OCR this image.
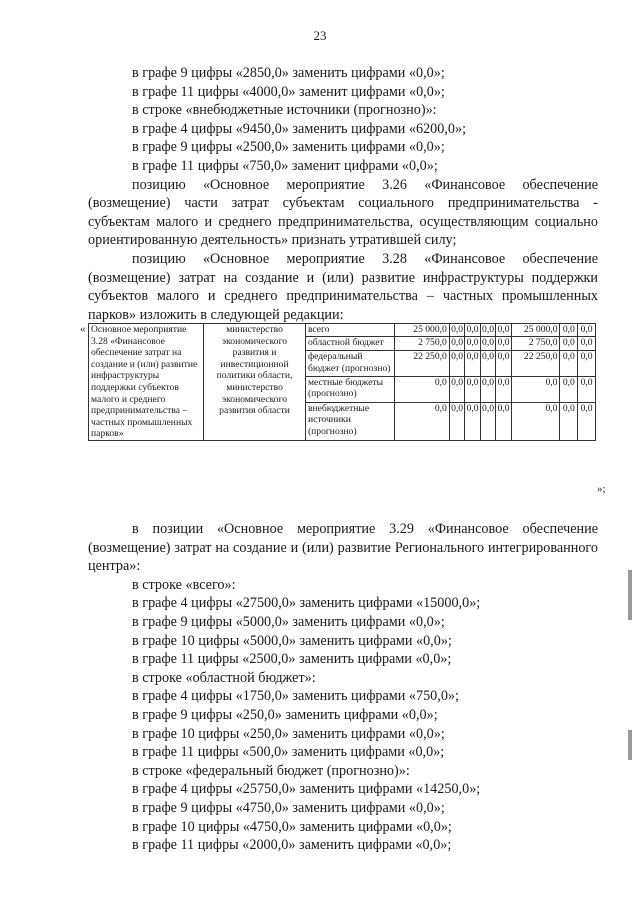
23

в графе 9 цифры «2850,0» заменить цифрами «0,0»;

в графе 11 цифры «4000,0» заменит цифрами «0,0»;

в строке «внебюджетные источники (прогнозно)»:

в графе 4 цифры «9450,0» заменить цифрами «6200,0»;

в графе 9 цифры «2500,0» заменить цифрами «0,0»;

в графе 11 цифры «750,0» заменит цифрами «0,0»;

позицию «Основное мероприятие 3.26 «Финансовое обеспечение (возмещение) части затрат субъектам социального предпринимательства - субъектам малого и среднего предпринимательства, осуществляющим социально ориентированную деятельность» признать утратившей силу;

позицию «Основное мероприятие 3.28 «Финансовое обеспечение (возмещение) затрат на создание и (или) развитие инфраструктуры поддержки субъектов малого и среднего предпринимательства – частных промышленных парков» изложить в следующей редакции:

« Основное мероприятие 3.28 «Финансовое обеспечение затрат на создание и (или) развитие инфраструктуры поддержки субъектов малого и среднего предпринимательства – частных промышленных парков»	министерство экономического развития и инвестиционной политики области, министерство экономического развития области	всего	25 000,0	0,0	0,0	0,0	0,0	25 000,0	0,0	0,0
		областной бюджет	2 750,0	0,0	0,0	0,0	0,0	2 750,0	0,0	0,0
		федеральный бюджет (прогнозно)	22 250,0	0,0	0,0	0,0	0,0	22 250,0	0,0	0,0
		местные бюджеты (прогнозно)	0,0	0,0	0,0	0,0	0,0	0,0	0,0	0,0
		внебюджетные источники (прогнозно)	0,0	0,0	0,0	0,0	0,0	0,0	0,0	0,0
»;

в позиции «Основное мероприятие 3.29 «Финансовое обеспечение (возмещение) затрат на создание и (или) развитие Регионального интегрированного центра»:

в строке «всего»:

в графе 4 цифры «27500,0» заменить цифрами «15000,0»;

в графе 9 цифры «5000,0» заменить цифрами «0,0»;

в графе 10 цифры «5000,0» заменить цифрами «0,0»;

в графе 11 цифры «2500,0» заменить цифрами «0,0»;

в строке «областной бюджет»:

в графе 4 цифры «1750,0» заменить цифрами «750,0»;

в графе 9 цифры «250,0» заменить цифрами «0,0»;

в графе 10 цифры «250,0» заменить цифрами «0,0»;

в графе 11 цифры «500,0» заменить цифрами «0,0»;

в строке «федеральный бюджет (прогнозно)»:

в графе 4 цифры «25750,0» заменить цифрами «14250,0»;

в графе 9 цифры «4750,0» заменить цифрами «0,0»;

в графе 10 цифры «4750,0» заменить цифрами «0,0»;

в графе 11 цифры «2000,0» заменить цифрами «0,0»;
